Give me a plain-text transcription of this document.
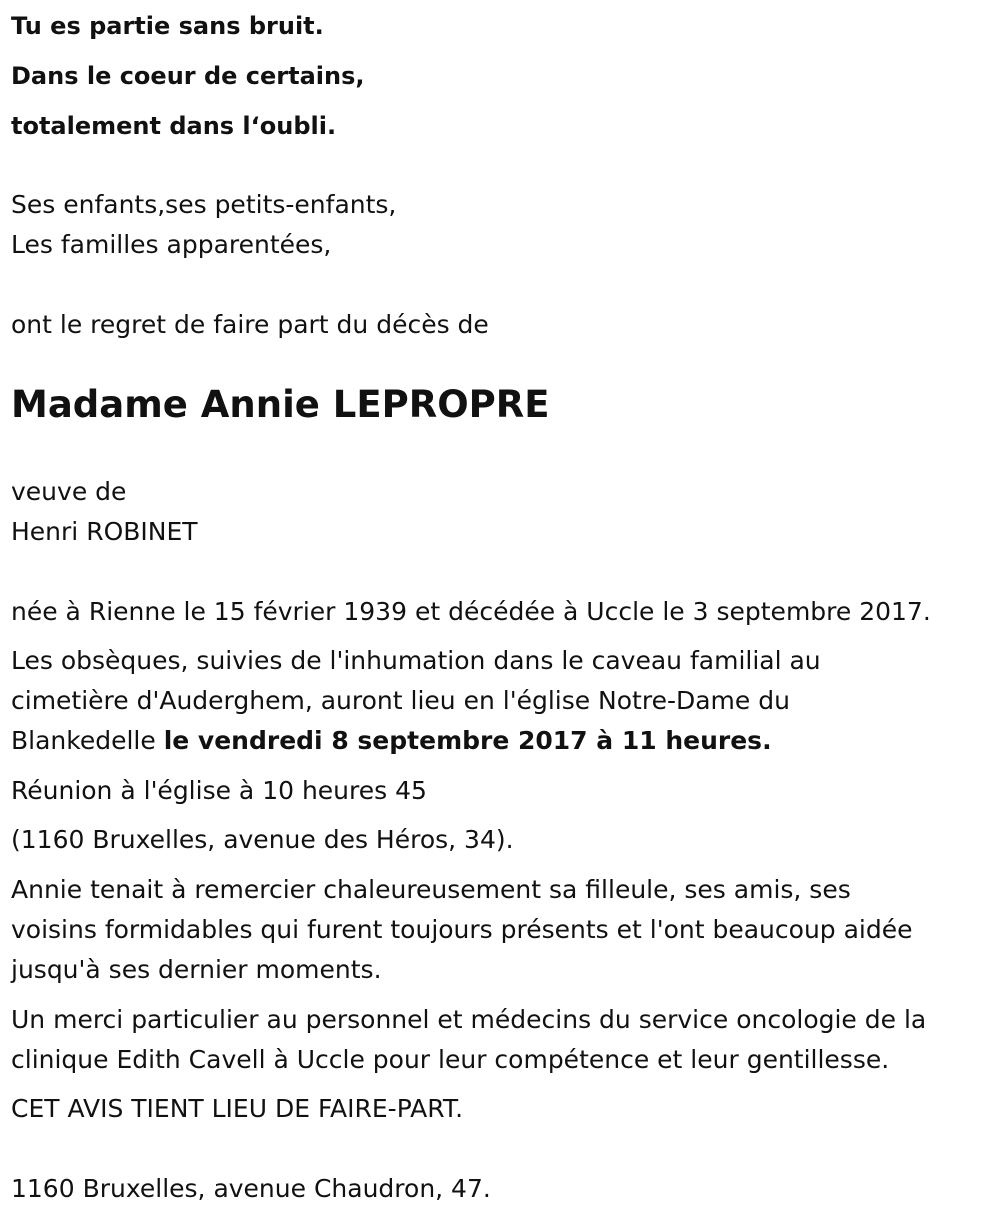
Tu es partie sans bruit.
Dans le coeur de certains,
totalement dans l‘oubli.
Ses enfants,ses petits-enfants,
Les familles apparentées,
ont le regret de faire part du décès de
Madame Annie LEPROPRE
veuve de
Henri ROBINET
née à Rienne le 15 février 1939 et décédée à Uccle le 3 septembre 2017.
Les obsèques, suivies de l'inhumation dans le caveau familial au
cimetière d'Auderghem, auront lieu en l'église Notre-Dame du
Blankedelle le vendredi 8 septembre 2017 à 11 heures.
Réunion à l'église à 10 heures 45
(1160 Bruxelles, avenue des Héros, 34).
Annie tenait à remercier chaleureusement sa filleule, ses amis, ses
voisins formidables qui furent toujours présents et l'ont beaucoup aidée
jusqu'à ses dernier moments.
Un merci particulier au personnel et médecins du service oncologie de la
clinique Edith Cavell à Uccle pour leur compétence et leur gentillesse.
CET AVIS TIENT LIEU DE FAIRE-PART.
1160 Bruxelles, avenue Chaudron, 47.
